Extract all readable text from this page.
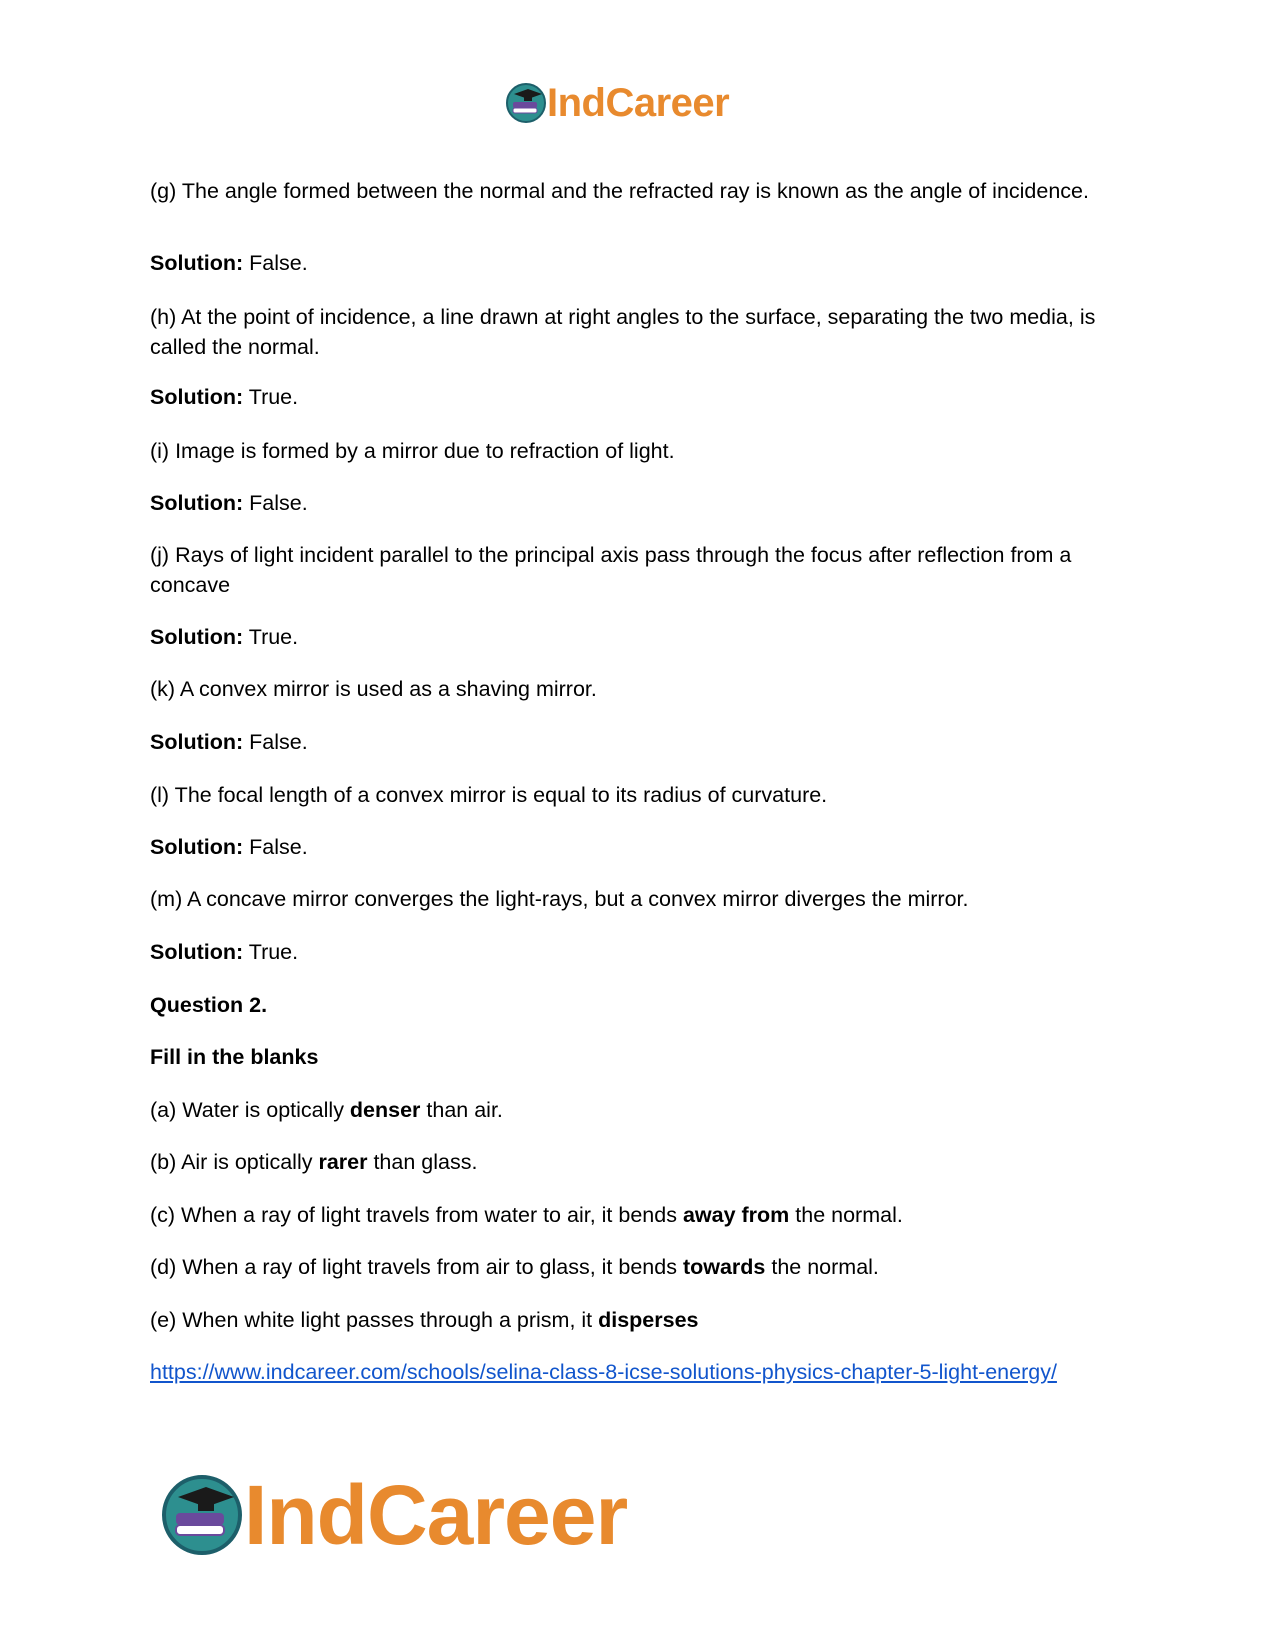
IndCareer
(g) The angle formed between the normal and the refracted ray is known as the angle of incidence.
Solution: False.
(h) At the point of incidence, a line drawn at right angles to the surface, separating the two media, is called the normal.
Solution: True.
(i) Image is formed by a mirror due to refraction of light.
Solution: False.
(j) Rays of light incident parallel to the principal axis pass through the focus after reflection from a concave
Solution: True.
(k) A convex mirror is used as a shaving mirror.
Solution: False.
(l) The focal length of a convex mirror is equal to its radius of curvature.
Solution: False.
(m) A concave mirror converges the light-rays, but a convex mirror diverges the mirror.
Solution: True.
Question 2.
Fill in the blanks
(a) Water is optically denser than air.
(b) Air is optically rarer than glass.
(c) When a ray of light travels from water to air, it bends away from the normal.
(d) When a ray of light travels from air to glass, it bends towards the normal.
(e) When white light passes through a prism, it disperses
https://www.indcareer.com/schools/selina-class-8-icse-solutions-physics-chapter-5-light-energy/
IndCareer
